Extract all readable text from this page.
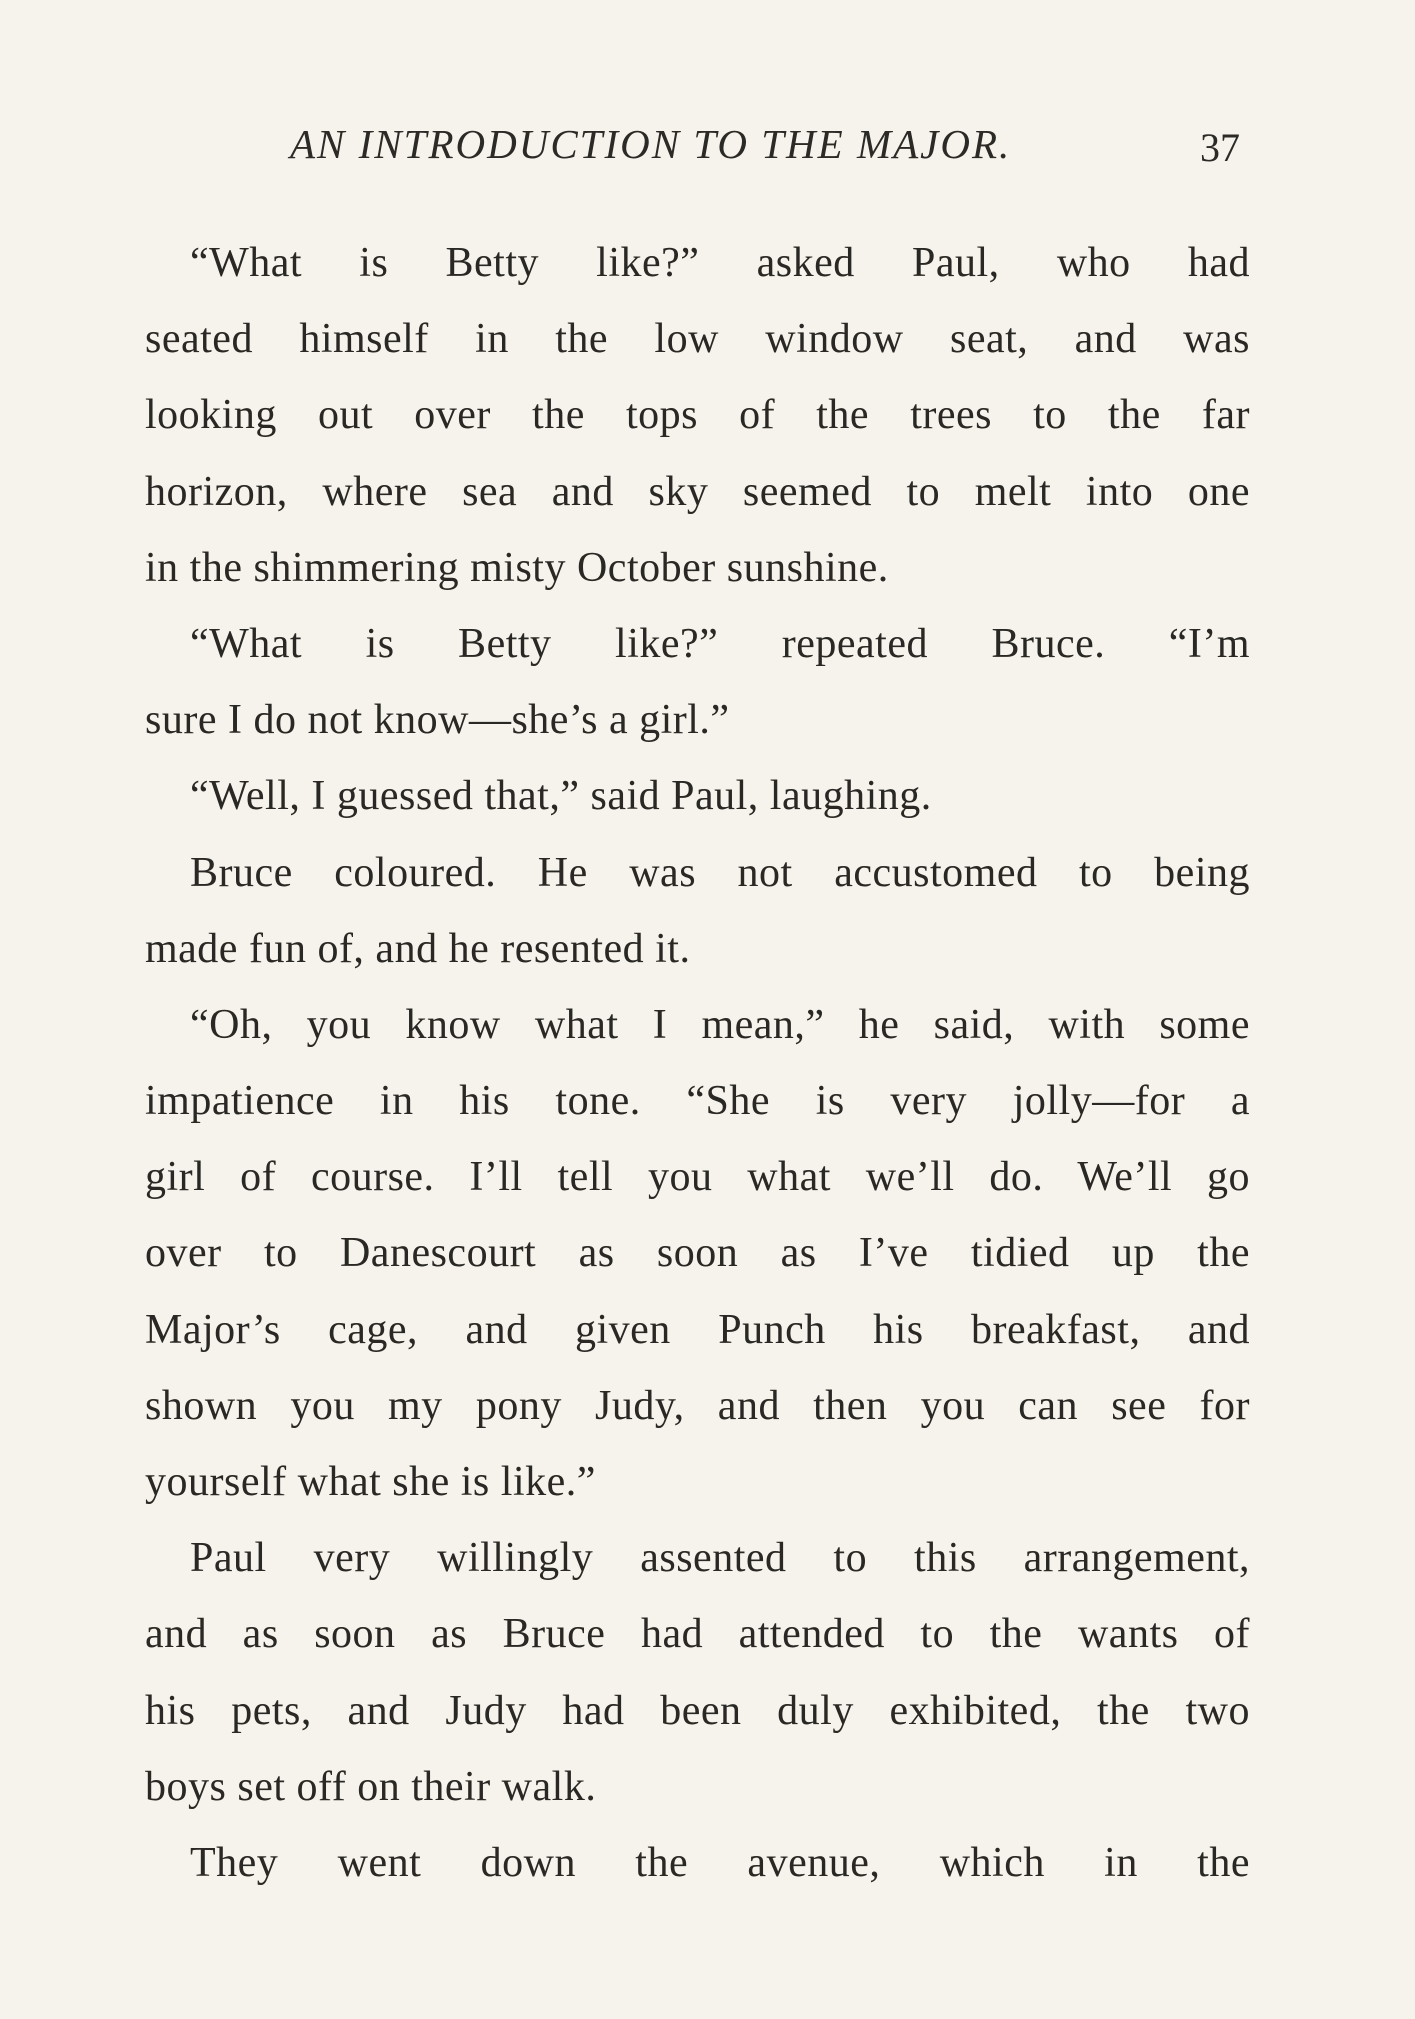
AN INTRODUCTION TO THE MAJOR.	37
“What is Betty like?” asked Paul, who had
seated himself in the low window seat, and was
looking out over the tops of the trees to the far
horizon, where sea and sky seemed to melt into one
in the shimmering misty October sunshine.
“What is Betty like?” repeated Bruce. “I’m
sure I do not know—she’s a girl.”
“Well, I guessed that,” said Paul, laughing.
Bruce coloured. He was not accustomed to being
made fun of, and he resented it.
“Oh, you know what I mean,” he said, with some
impatience in his tone. “She is very jolly—for a
girl of course. I’ll tell you what we’ll do. We’ll go
over to Danescourt as soon as I’ve tidied up the
Major’s cage, and given Punch his breakfast, and
shown you my pony Judy, and then you can see for
yourself what she is like.”
Paul very willingly assented to this arrangement,
and as soon as Bruce had attended to the wants of
his pets, and Judy had been duly exhibited, the two
boys set off on their walk.
They went down the avenue, which in the
